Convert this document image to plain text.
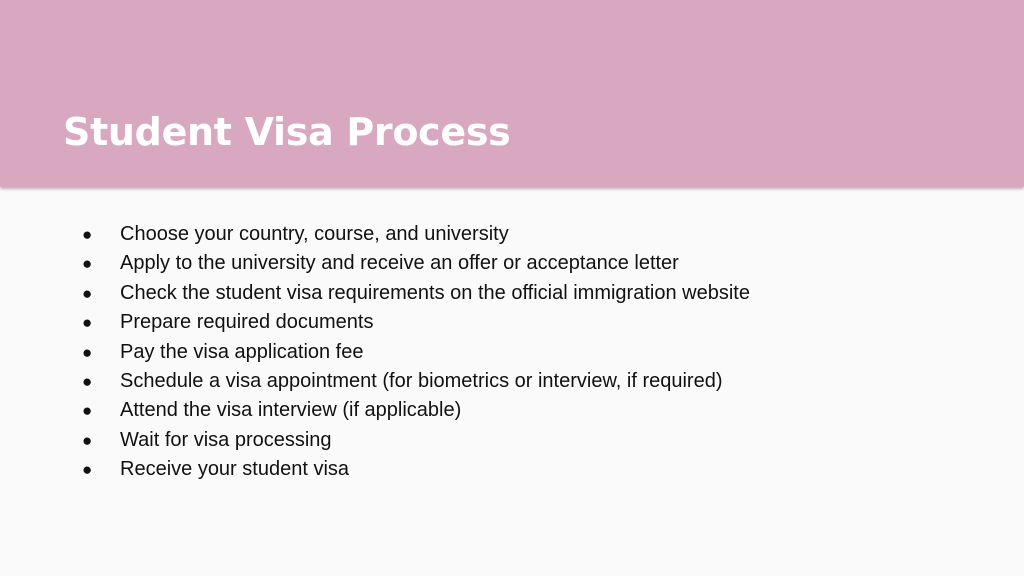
Student Visa Process
● Choose your country, course, and university
● Apply to the university and receive an offer or acceptance letter
● Check the student visa requirements on the official immigration website
● Prepare required documents
● Pay the visa application fee
● Schedule a visa appointment (for biometrics or interview, if required)
● Attend the visa interview (if applicable)
● Wait for visa processing
● Receive your student visa
